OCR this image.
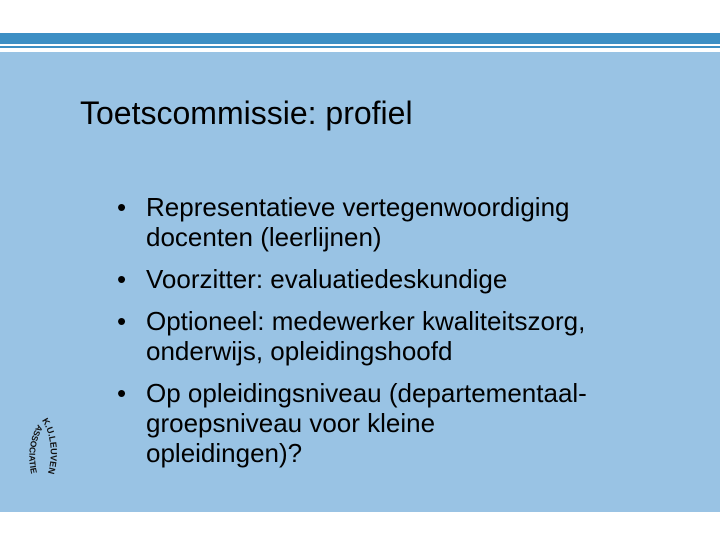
Toetscommissie: profiel
• Representatieve vertegenwoordiging
docenten (leerlijnen)
• Voorzitter: evaluatiedeskundige
• Optioneel: medewerker kwaliteitszorg,
onderwijs, opleidingshoofd
• Op opleidingsniveau (departementaal-
groepsniveau voor kleine
opleidingen)?
ASSOCIATIE
K.U.LEUVEN
